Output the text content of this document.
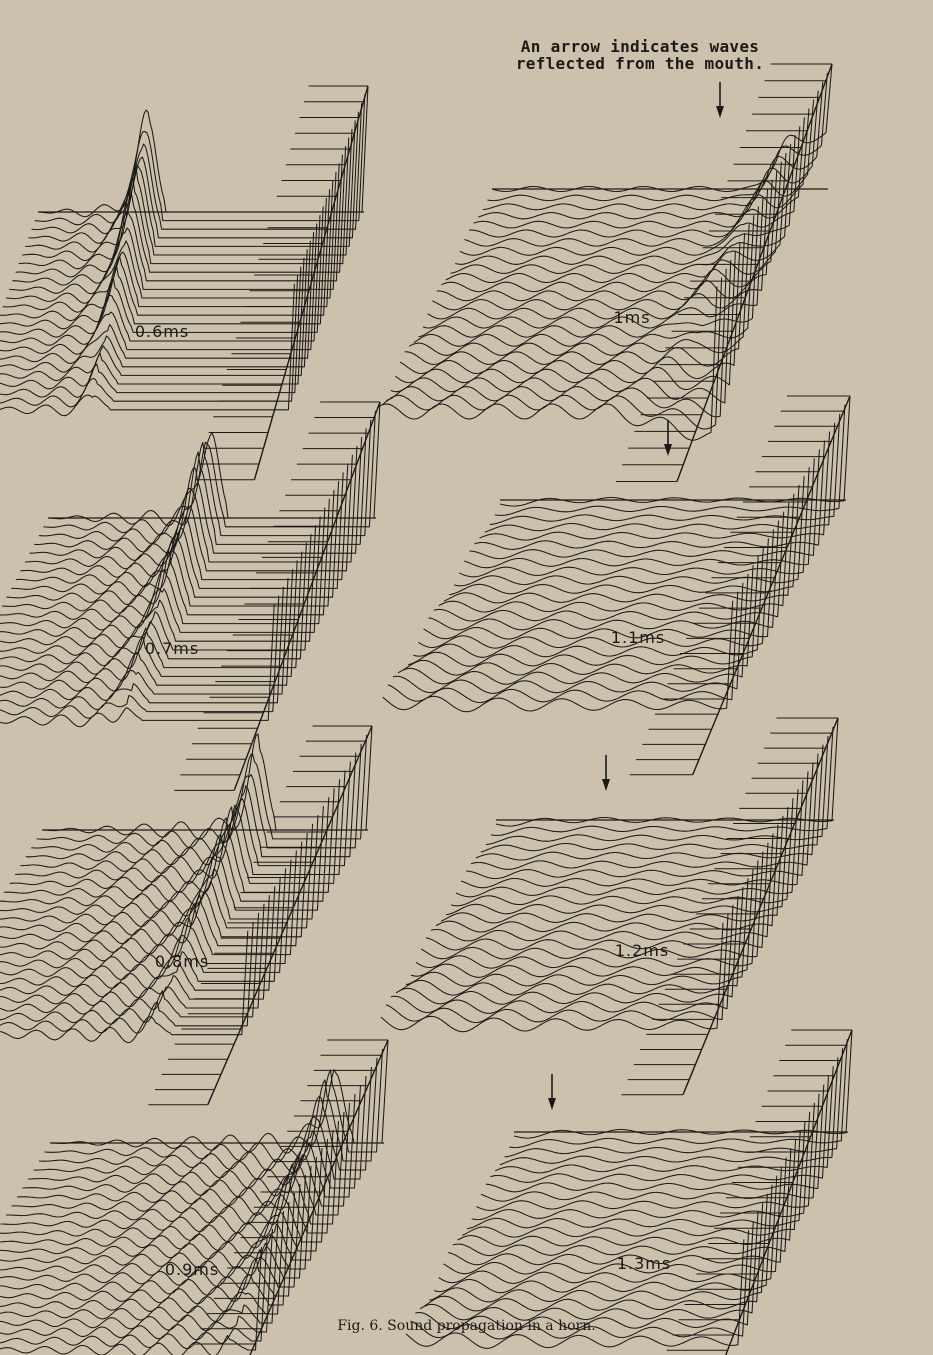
An arrow indicates waves
reflected from the mouth.
0.6ms
1ms
0.7ms
1.1ms
0.8ms
1.2ms
0.9ms	1.3ms
Fig. 6. Sound propagation in a horn.
